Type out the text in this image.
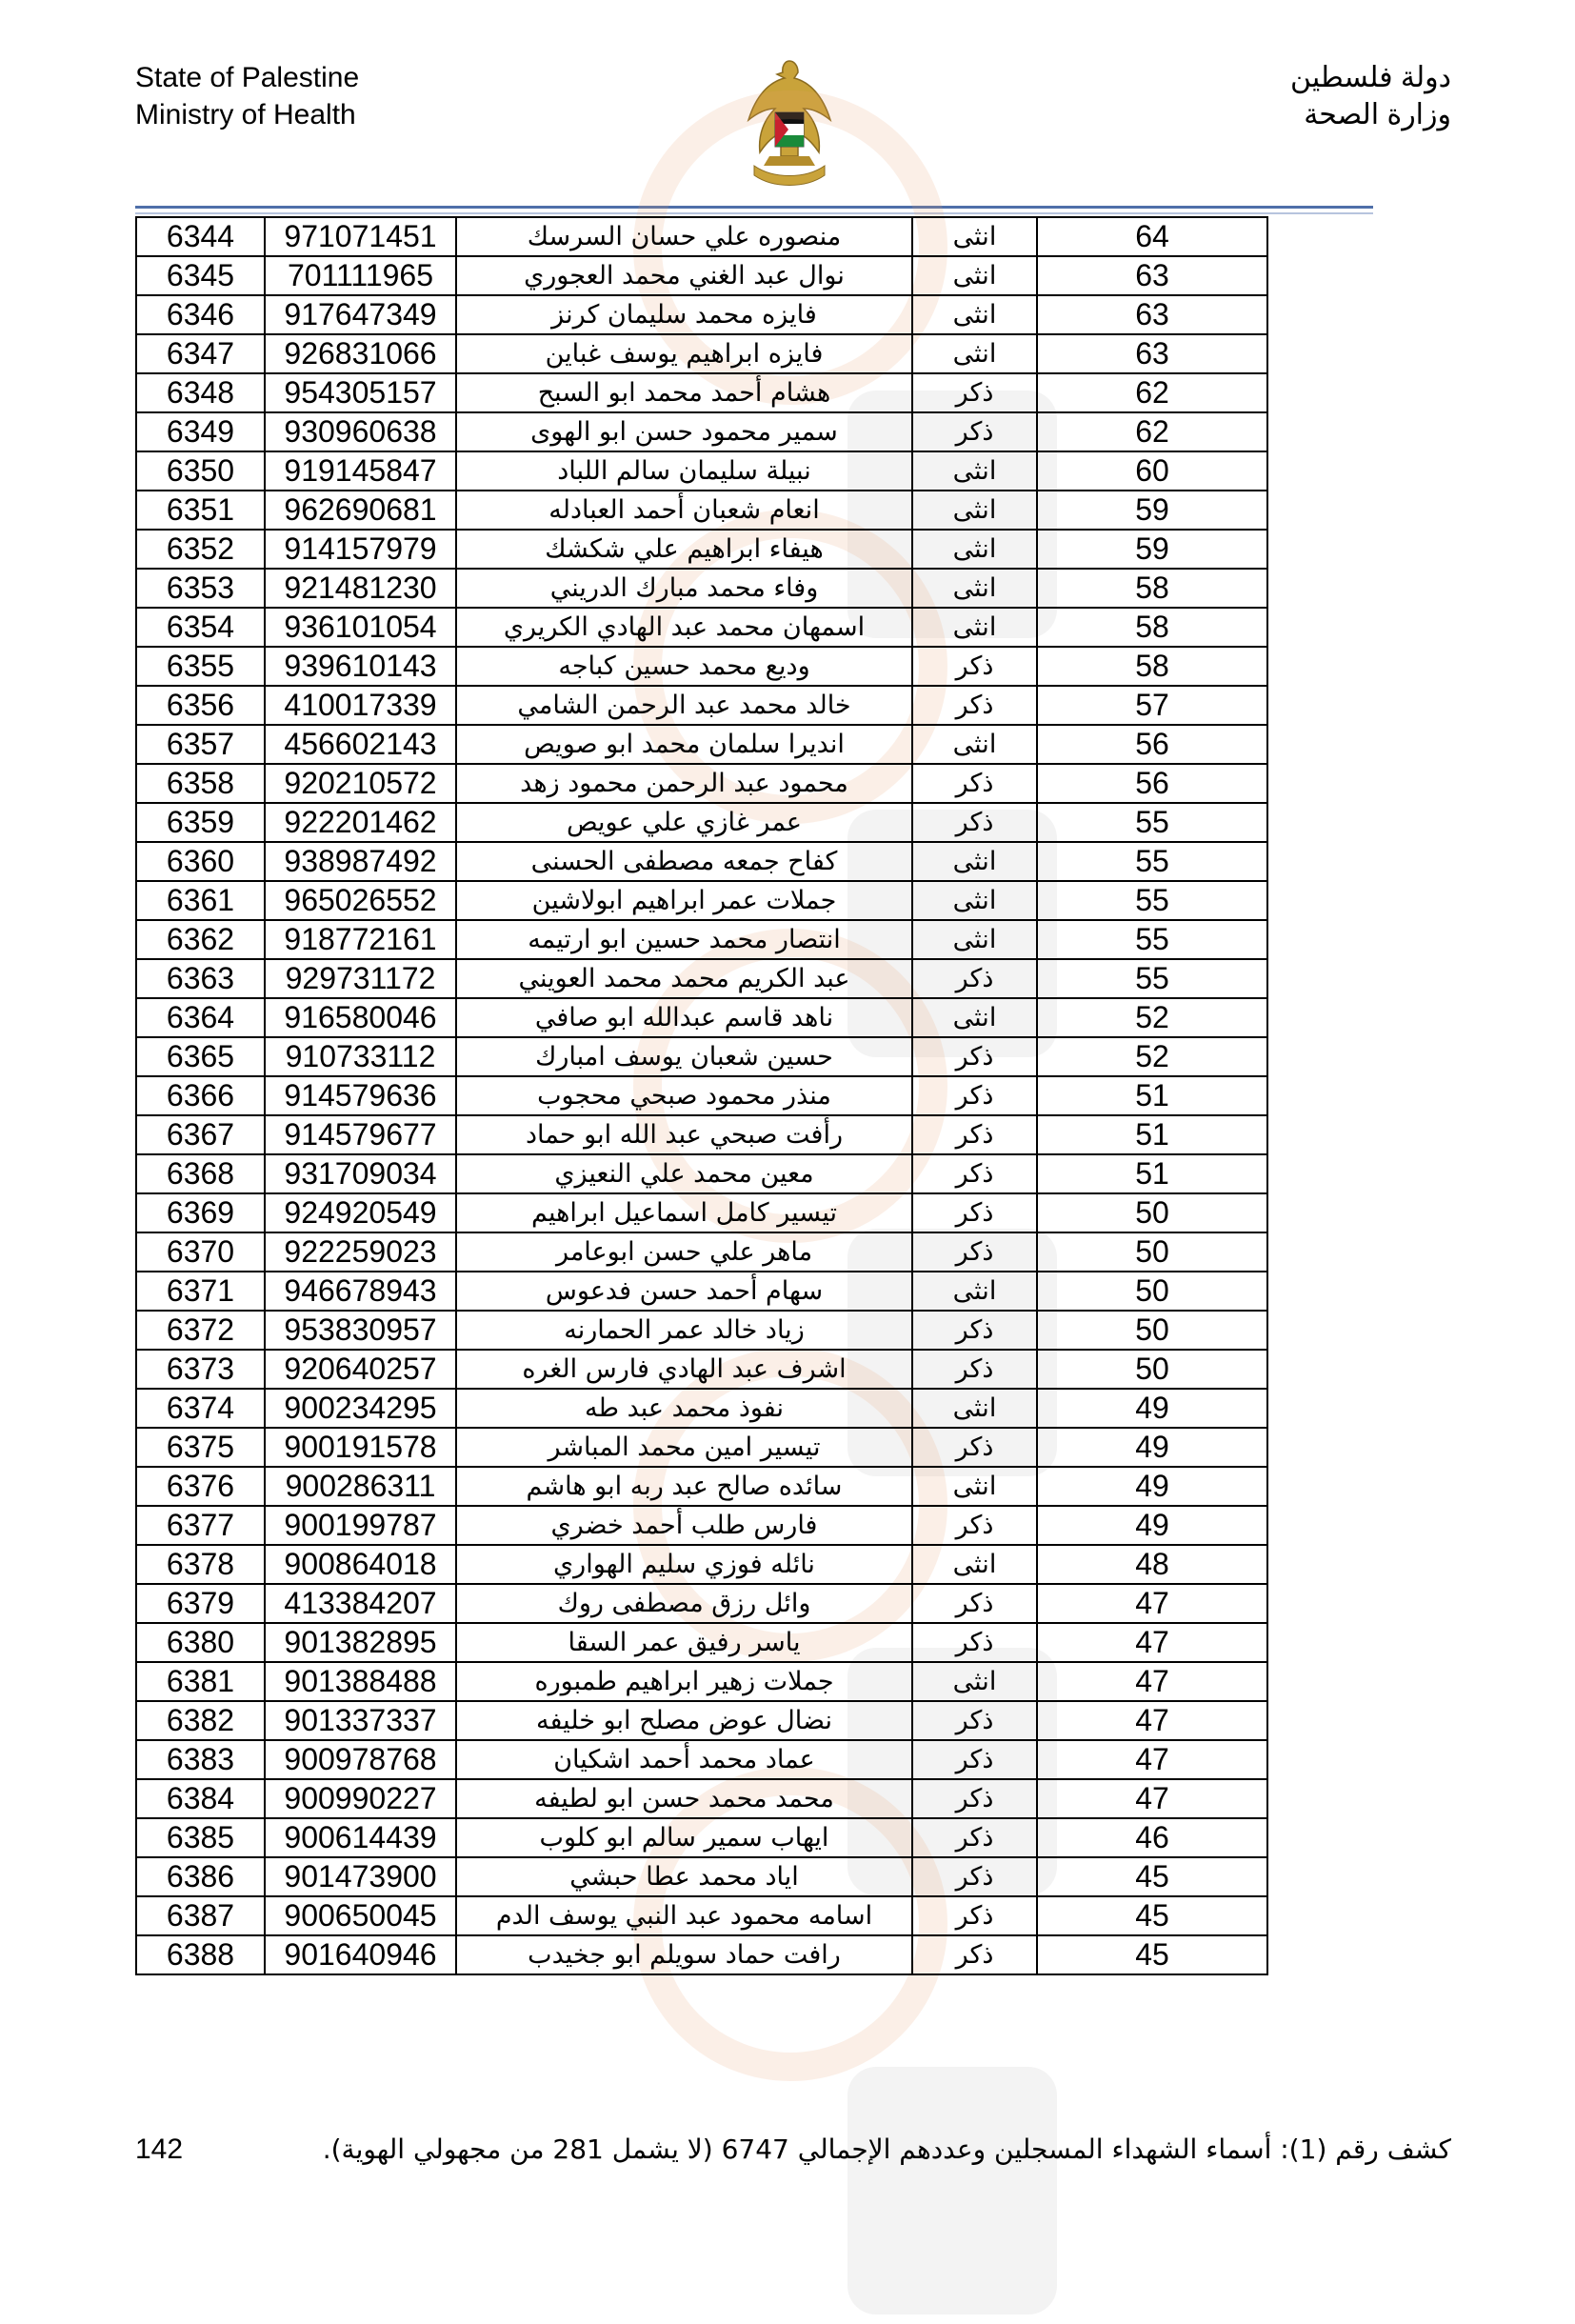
State of Palestine
Ministry of Health
دولة فلسطين
وزارة الصحة
6344	971071451	منصوره علي حسان السرسك	انثى	64
6345	701111965	نوال عبد الغني محمد العجوري	انثى	63
6346	917647349	فايزه محمد سليمان كرنز	انثى	63
6347	926831066	فايزه ابراهيم يوسف غباين	انثى	63
6348	954305157	هشام أحمد محمد ابو السبح	ذكر	62
6349	930960638	سمير محمود حسن ابو الهوى	ذكر	62
6350	919145847	نبيلة سليمان سالم اللباد	انثى	60
6351	962690681	انعام شعبان أحمد العبادله	انثى	59
6352	914157979	هيفاء ابراهيم علي شكشك	انثى	59
6353	921481230	وفاء محمد مبارك الدريني	انثى	58
6354	936101054	اسمهان محمد عبد الهادي الكريري	انثى	58
6355	939610143	وديع محمد حسين كباجه	ذكر	58
6356	410017339	خالد محمد عبد الرحمن الشامي	ذكر	57
6357	456602143	انديرا سلمان محمد ابو صويص	انثى	56
6358	920210572	محمود عبد الرحمن محمود زهد	ذكر	56
6359	922201462	عمر غازي علي عويص	ذكر	55
6360	938987492	كفاح جمعه مصطفى الحسنى	انثى	55
6361	965026552	جملات عمر ابراهيم ابولاشين	انثى	55
6362	918772161	انتصار محمد حسين ابو ارتيمه	انثى	55
6363	929731172	عبد الكريم محمد محمد العويني	ذكر	55
6364	916580046	ناهد قاسم عبدالله ابو صافي	انثى	52
6365	910733112	حسين شعبان يوسف امبارك	ذكر	52
6366	914579636	منذر محمود صبحي محجوب	ذكر	51
6367	914579677	رأفت صبحي عبد الله ابو حماد	ذكر	51
6368	931709034	معين محمد علي النعيزي	ذكر	51
6369	924920549	تيسير كامل اسماعيل ابراهيم	ذكر	50
6370	922259023	ماهر علي حسن ابوعامر	ذكر	50
6371	946678943	سهام أحمد حسن فدعوس	انثى	50
6372	953830957	زياد خالد عمر الحمارنه	ذكر	50
6373	920640257	اشرف عبد الهادي فارس الغره	ذكر	50
6374	900234295	نفوذ محمد عبد طه	انثى	49
6375	900191578	تيسير امين محمد المباشر	ذكر	49
6376	900286311	سائده صالح عبد ربه ابو هاشم	انثى	49
6377	900199787	فارس طلب أحمد خضري	ذكر	49
6378	900864018	نائله فوزي سليم الهواري	انثى	48
6379	413384207	وائل رزق مصطفى روك	ذكر	47
6380	901382895	ياسر رفيق عمر السقا	ذكر	47
6381	901388488	جملات زهير ابراهيم طمبوره	انثى	47
6382	901337337	نضال عوض مصلح ابو خليفه	ذكر	47
6383	900978768	عماد محمد أحمد اشكيان	ذكر	47
6384	900990227	محمد محمد حسن ابو لطيفه	ذكر	47
6385	900614439	ايهاب سمير سالم ابو كلوب	ذكر	46
6386	901473900	اياد محمد عطا حبشي	ذكر	45
6387	900650045	اسامه محمود عبد النبي يوسف الدم	ذكر	45
6388	901640946	رافت حماد سويلم ابو جخيدب	ذكر	45
142	كشف رقم (1): أسماء الشهداء المسجلين وعددهم الإجمالي 6747 (لا يشمل 281 من مجهولي الهوية).
